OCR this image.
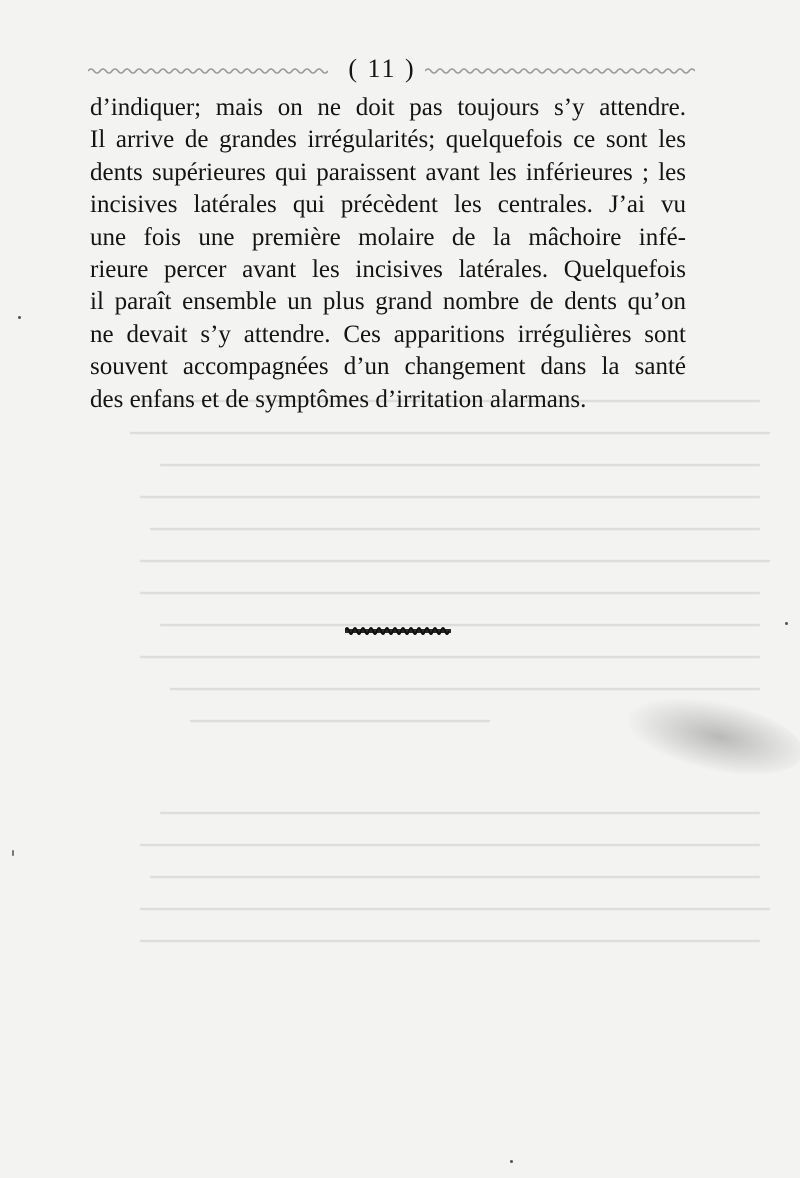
( 11 )
d’indiquer; mais on ne doit pas toujours s’y attendre.
Il arrive de grandes irrégularités; quelquefois ce sont les
dents supérieures qui paraissent avant les inférieures ; les
incisives latérales qui précèdent les centrales. J’ai vu
une fois une première molaire de la mâchoire infé-
rieure percer avant les incisives latérales. Quelquefois
il paraît ensemble un plus grand nombre de dents qu’on
ne devait s’y attendre. Ces apparitions irrégulières sont
souvent accompagnées d’un changement dans la santé
des enfans et de symptômes d’irritation alarmans.
